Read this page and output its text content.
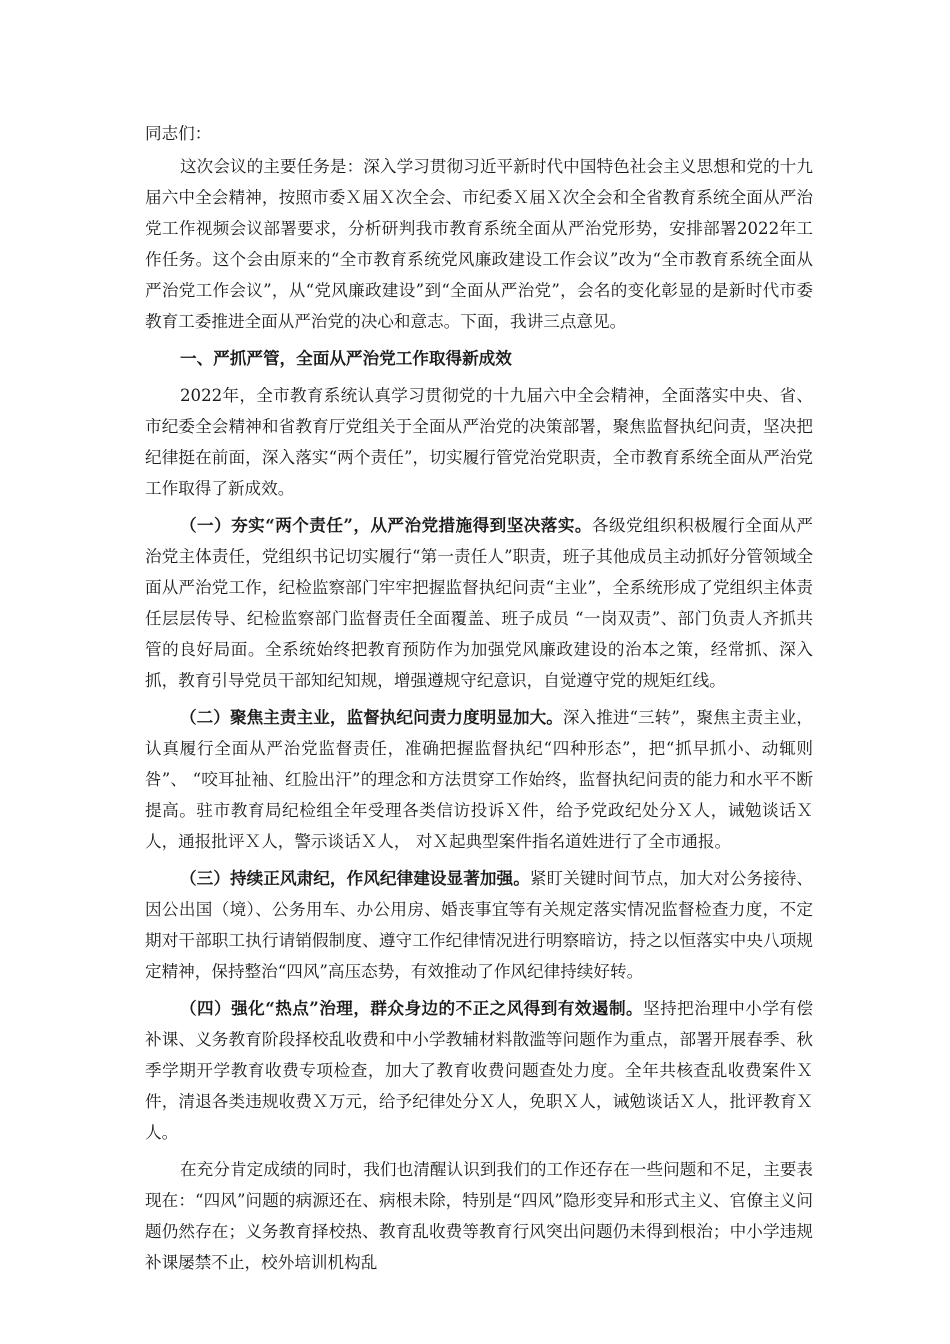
同志们：

这次会议的主要任务是：深入学习贯彻习近平新时代中国特色社会主义思想和党的十九届六中全会精神，按照市委Ｘ届Ｘ次全会、市纪委Ｘ届Ｘ次全会和全省教育系统全面从严治党工作视频会议部署要求，分析研判我市教育系统全面从严治党形势，安排部署2022年工作任务。这个会由原来的“全市教育系统党风廉政建设工作会议”改为“全市教育系统全面从严治党工作会议”，从“党风廉政建设”到“全面从严治党”，会名的变化彰显的是新时代市委教育工委推进全面从严治党的决心和意志。下面，我讲三点意见。

一、严抓严管，全面从严治党工作取得新成效

2022年，全市教育系统认真学习贯彻党的十九届六中全会精神，全面落实中央、省、市纪委全会精神和省教育厅党组关于全面从严治党的决策部署，聚焦监督执纪问责，坚决把纪律挺在前面，深入落实“两个责任”，切实履行管党治党职责，全市教育系统全面从严治党工作取得了新成效。

（一）夯实“两个责任”，从严治党措施得到坚决落实。各级党组织积极履行全面从严治党主体责任，党组织书记切实履行“第一责任人”职责，班子其他成员主动抓好分管领域全面从严治党工作，纪检监察部门牢牢把握监督执纪问责“主业”，全系统形成了党组织主体责任层层传导、纪检监察部门监督责任全面覆盖、班子成员 “一岗双责”、部门负责人齐抓共管的良好局面。全系统始终把教育预防作为加强党风廉政建设的治本之策，经常抓、深入抓，教育引导党员干部知纪知规，增强遵规守纪意识，自觉遵守党的规矩红线。

（二）聚焦主责主业，监督执纪问责力度明显加大。深入推进“三转”，聚焦主责主业，认真履行全面从严治党监督责任，准确把握监督执纪“四种形态”，把“抓早抓小、动辄则咎”、 “咬耳扯袖、红脸出汗”的理念和方法贯穿工作始终，监督执纪问责的能力和水平不断提高。驻市教育局纪检组全年受理各类信访投诉Ｘ件，给予党政纪处分Ｘ人，诫勉谈话Ｘ人，通报批评Ｘ人，警示谈话Ｘ人， 对Ｘ起典型案件指名道姓进行了全市通报。

（三）持续正风肃纪，作风纪律建设显著加强。紧盯关键时间节点，加大对公务接待、因公出国（境）、公务用车、办公用房、婚丧事宜等有关规定落实情况监督检查力度，不定期对干部职工执行请销假制度、遵守工作纪律情况进行明察暗访，持之以恒落实中央八项规定精神，保持整治“四风”高压态势，有效推动了作风纪律持续好转。

（四）强化“热点”治理，群众身边的不正之风得到有效遏制。坚持把治理中小学有偿补课、义务教育阶段择校乱收费和中小学教辅材料散滥等问题作为重点，部署开展春季、秋季学期开学教育收费专项检查，加大了教育收费问题查处力度。全年共核查乱收费案件Ｘ件，清退各类违规收费Ｘ万元，给予纪律处分Ｘ人，免职Ｘ人，诫勉谈话Ｘ人，批评教育Ｘ人。

在充分肯定成绩的同时，我们也清醒认识到我们的工作还存在一些问题和不足，主要表现在：“四风”问题的病源还在、病根未除，特别是“四风”隐形变异和形式主义、官僚主义问题仍然存在；义务教育择校热、教育乱收费等教育行风突出问题仍未得到根治；中小学违规补课屡禁不止，校外培训机构乱
